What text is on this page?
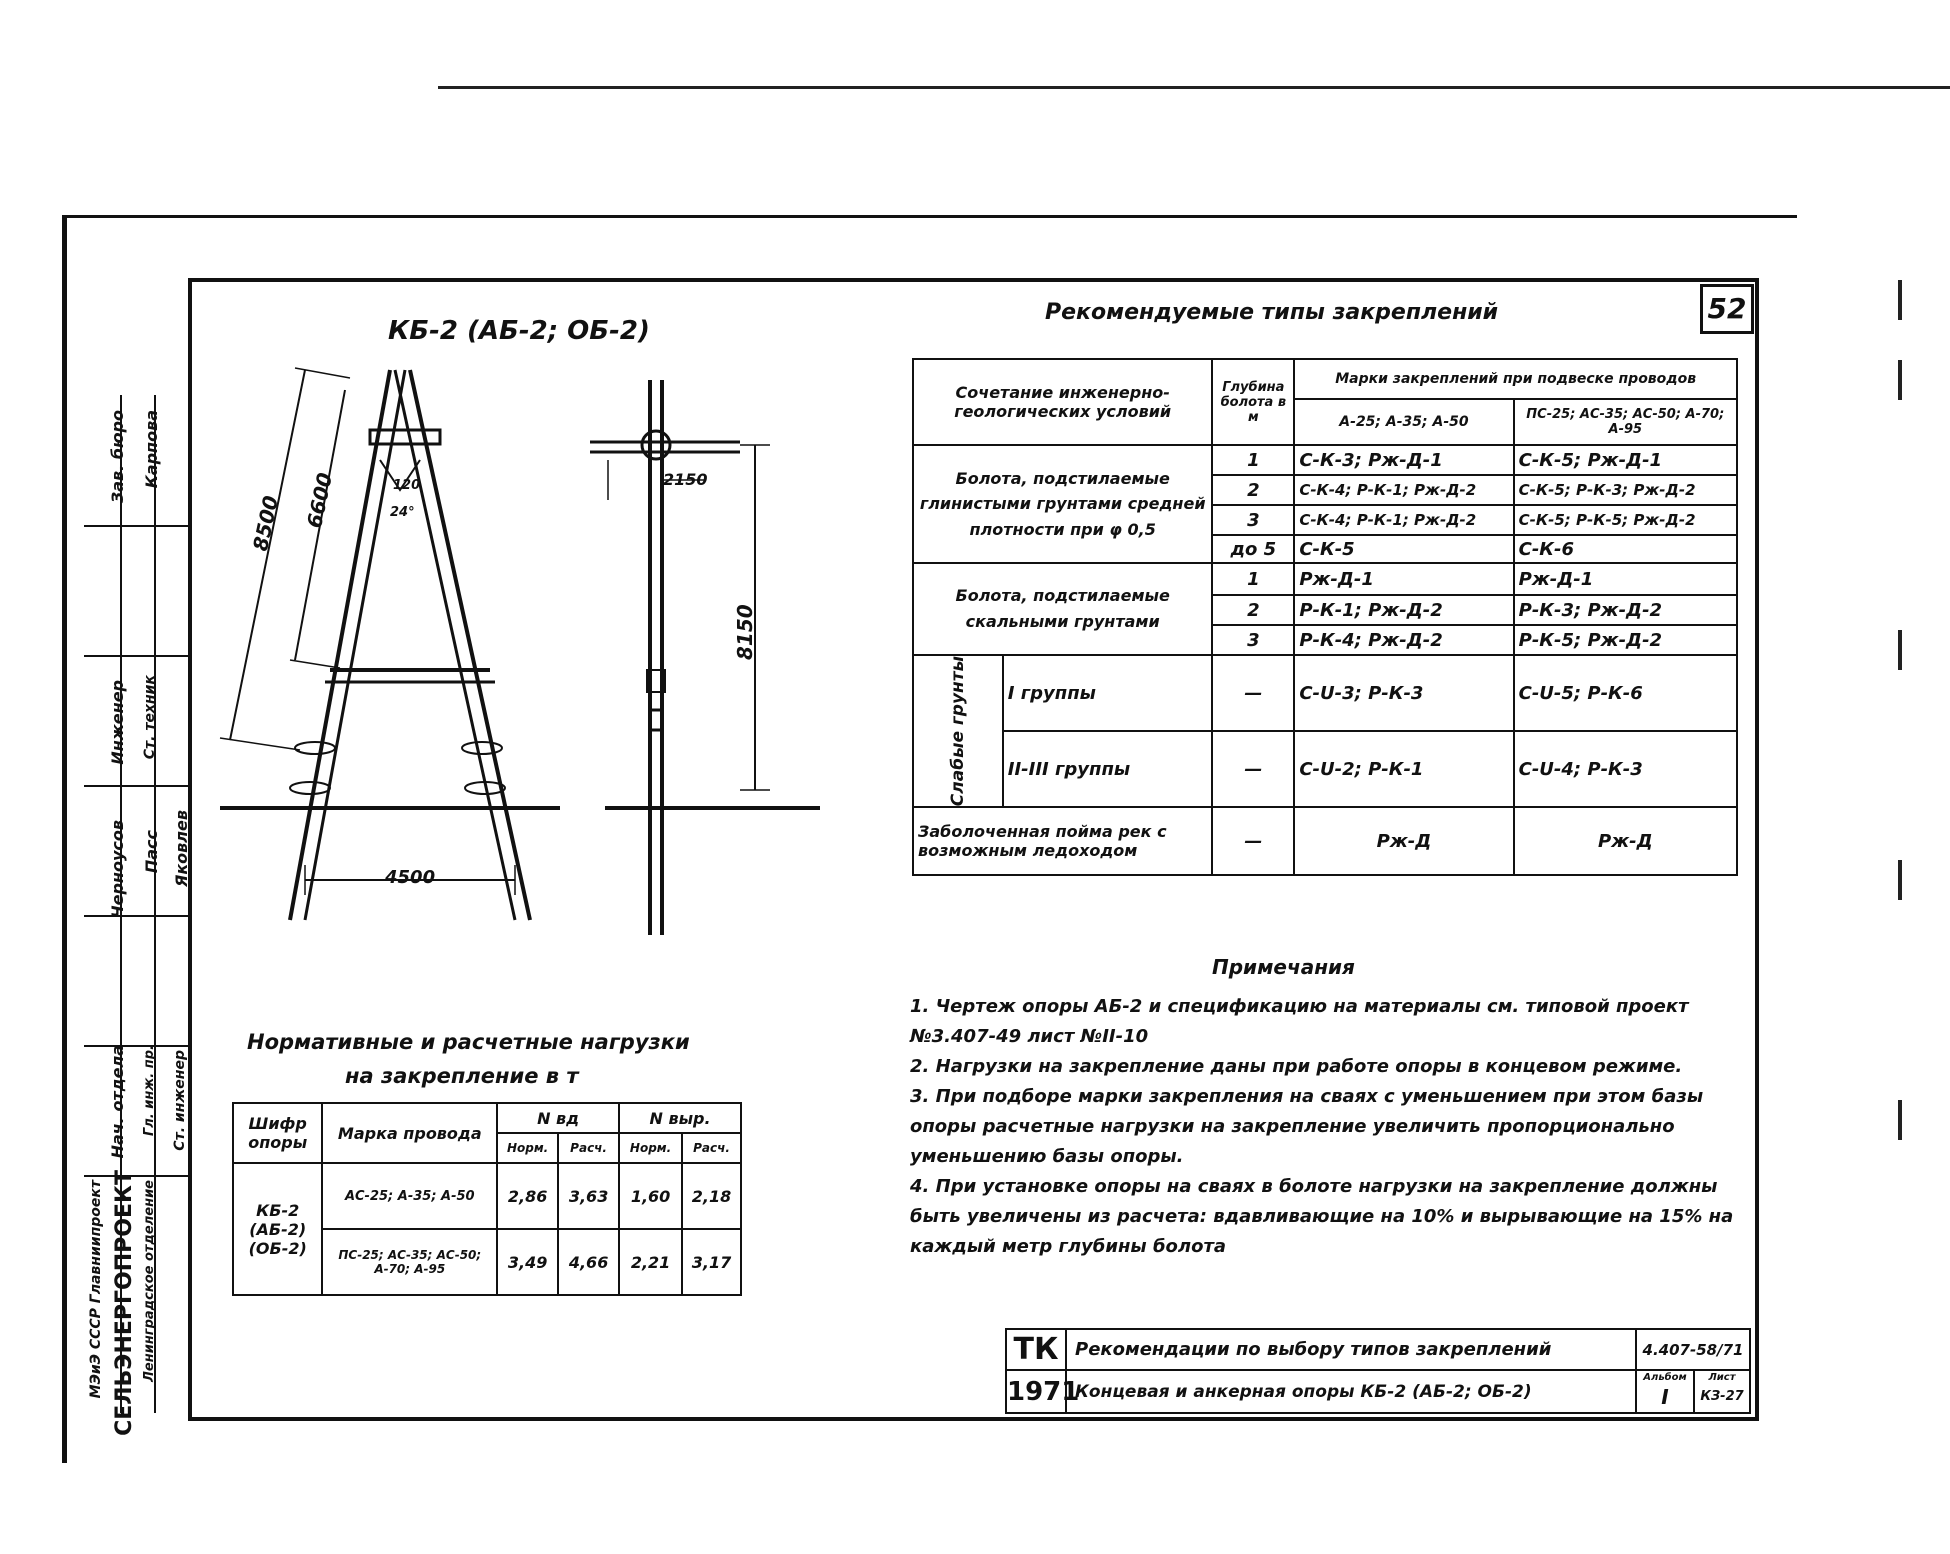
52
СЕЛЬЭНЕРГОПРОЕКТ
МЭиЭ СССР Главниипроект	Ленинградское отделение
Нач. отдела Гл. инж. пр. Ст. инженер
Инженер Ст. техник
Зав. бюро
Черноусов Пасс Яковлев
Карпова
КБ-2 (АБ-2; ОБ-2)
8500 6600	120
24°
4500
2150
8150
Рекомендуемые типы закреплений
Сочетание инженерно-геологических условий		Глубина болота в м	Марки закреплений при подвеске проводов	
			А-25; А-35; А-50	ПС-25; АС-35; АС-50; А-70; А-95
Болота, подстилаемые глинистыми грунтами средней плотности при φ 0,5		1	С-К-3; Рж-Д-1	С-К-5; Рж-Д-1
		2	С-К-4; Р-К-1; Рж-Д-2	С-К-5; Р-К-3; Рж-Д-2
		3	С-К-4; Р-К-1; Рж-Д-2	С-К-5; Р-К-5; Рж-Д-2
		до 5	С-К-5	С-К-6
Болота, подстилаемые скальными грунтами		1	Рж-Д-1	Рж-Д-1
		2	Р-К-1; Рж-Д-2	Р-К-3; Рж-Д-2
		3	Р-К-4; Рж-Д-2	Р-К-5; Рж-Д-2

Слабые грунты	I группы	—	С-U-3; Р-К-3	С-U-5; Р-К-6
	II-III группы	—	С-U-2; Р-К-1	С-U-4; Р-К-3
Заболоченная пойма рек с возможным ледоходом		—	Рж-Д	Рж-Д
Примечания

1. Чертеж опоры АБ-2 и спецификацию на материалы см. типовой проект №3.407-49 лист №II-10

2. Нагрузки на закрепление даны при работе опоры в концевом режиме.

3. При подборе марки закрепления на сваях с уменьшением при этом базы опоры расчетные нагрузки на закрепление увеличить пропорционально уменьшению базы опоры.

4. При установке опоры на сваях в болоте нагрузки на закрепление должны быть увеличены из расчета: вдавливающие на 10% и вырывающие на 15% на каждый метр глубины болота

Нормативные и расчетные нагрузки
на закрепление в т
Шифр опоры	Марка провода	N вд		N выр.	
		Норм.	Расч.	Норм.	Расч.
КБ-2 (АБ-2) (ОБ-2)	АС-25; А-35; А-50	2,86	3,63	1,60	2,18
	ПС-25; АС-35; АС-50; А-70; А-95	3,49	4,66	2,21	3,17
ТК
1971
Рекомендации по выбору типов закреплений
Концевая и анкерная опоры КБ-2 (АБ-2; ОБ-2)
4.407-58/71
Альбом
I
Лист
КЗ-27
